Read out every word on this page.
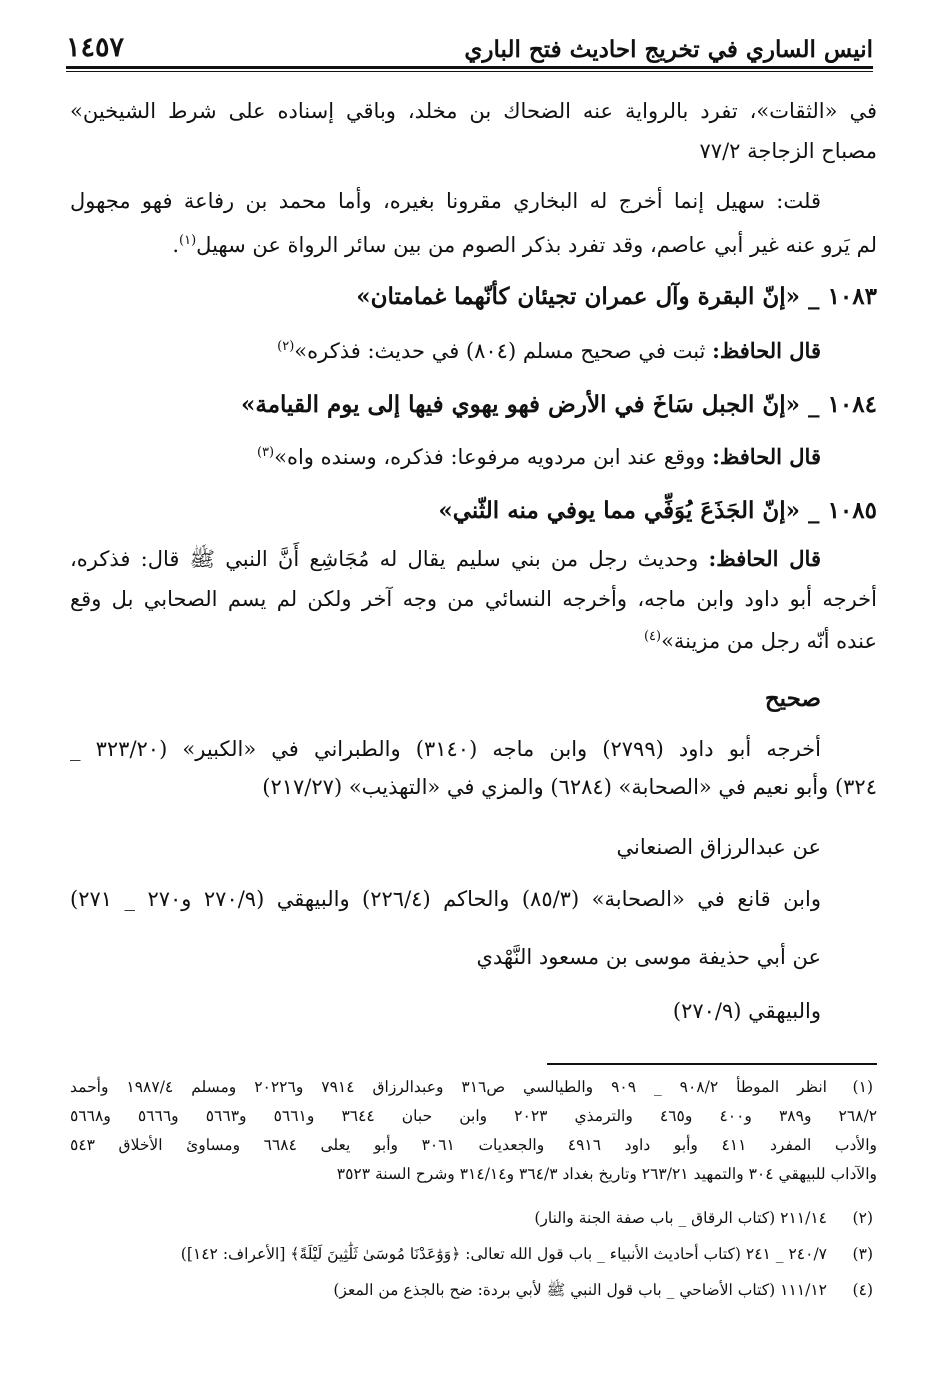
انيس الساري في تخريج احاديث فتح الباري
١٤٥٧
في «الثقات»، تفرد بالرواية عنه الضحاك بن مخلد، وباقي إسناده على شرط الشيخين»
مصباح الزجاجة ٧٧/٢
قلت: سهيل إنما أخرج له البخاري مقرونا بغيره، وأما محمد بن رفاعة فهو مجهول
لم يَرو عنه غير أبي عاصم، وقد تفرد بذكر الصوم من بين سائر الرواة عن سهيل$^{(١)}$.
١٠٨٣ _ «إنّ البقرة وآل عمران تجيئان كأنّهما غمامتان»
قال الحافظ: ثبت في صحيح مسلم (٨٠٤) في حديث: فذكره»$^{(٢)}$
١٠٨٤ _ «إنّ الجبل سَاخَ في الأرض فهو يهوي فيها إلى يوم القيامة»
قال الحافظ: ووقع عند ابن مردويه مرفوعا: فذكره، وسنده واه»$^{(٣)}$
١٠٨٥ _ «إنّ الجَذَعَ يُوَفِّي مما يوفي منه الثّني»
قال الحافظ: وحديث رجل من بني سليم يقال له مُجَاشِع أَنَّ النبي ﷺ قال: فذكره،
أخرجه أبو داود وابن ماجه، وأخرجه النسائي من وجه آخر ولكن لم يسم الصحابي بل وقع
عنده أنّه رجل من مزينة»$^{(٤)}$
صحيح
أخرجه أبو داود (٢٧٩٩) وابن ماجه (٣١٤٠) والطبراني في «الكبير» (٣٢٣/٢٠ _
٣٢٤) وأبو نعيم في «الصحابة» (٦٢٨٤) والمزي في «التهذيب» (٢١٧/٢٧)
عن عبدالرزاق الصنعاني
وابن قانع في «الصحابة» (٨٥/٣) والحاكم (٢٢٦/٤) والبيهقي (٢٧٠/٩ و٢٧٠ _ ٢٧١)
عن أبي حذيفة موسى بن مسعود النَّهْدي
والبيهقي (٢٧٠/٩)
(١)
انظر الموطأ ٩٠٨/٢ _ ٩٠٩ والطيالسي ص٣١٦ وعبدالرزاق ٧٩١٤ و٢٠٢٢٦ ومسلم ١٩٨٧/٤ وأحمد
٢٦٨/٢ و٣٨٩ و٤٠٠ و٤٦٥ والترمذي ٢٠٢٣ وابن حبان ٣٦٤٤ و٥٦٦١ و٥٦٦٣ و٥٦٦٦ و٥٦٦٨
والأدب المفرد ٤١١ وأبو داود ٤٩١٦ والجعديات ٣٠٦١ وأبو يعلى ٦٦٨٤ ومساوئ الأخلاق ٥٤٣
والآداب للبيهقي ٣٠٤ والتمهيد ٢٦٣/٢١ وتاريخ بغداد ٣٦٤/٣ و٣١٤/١٤ وشرح السنة ٣٥٢٣
(٢)
٢١١/١٤ (كتاب الرقاق _ باب صفة الجنة والنار)
(٣)
٢٤٠/٧ _ ٢٤١ (كتاب أحاديث الأنبياء _ باب قول الله تعالى: ﴿وَوَٰعَدْنَا مُوسَىٰ ثَلَٰثِينَ لَيْلَةً﴾ [الأعراف: ١٤٢])
(٤)
١١١/١٢ (كتاب الأضاحي _ باب قول النبي ﷺ لأبي بردة: ضح بالجذع من المعز)
